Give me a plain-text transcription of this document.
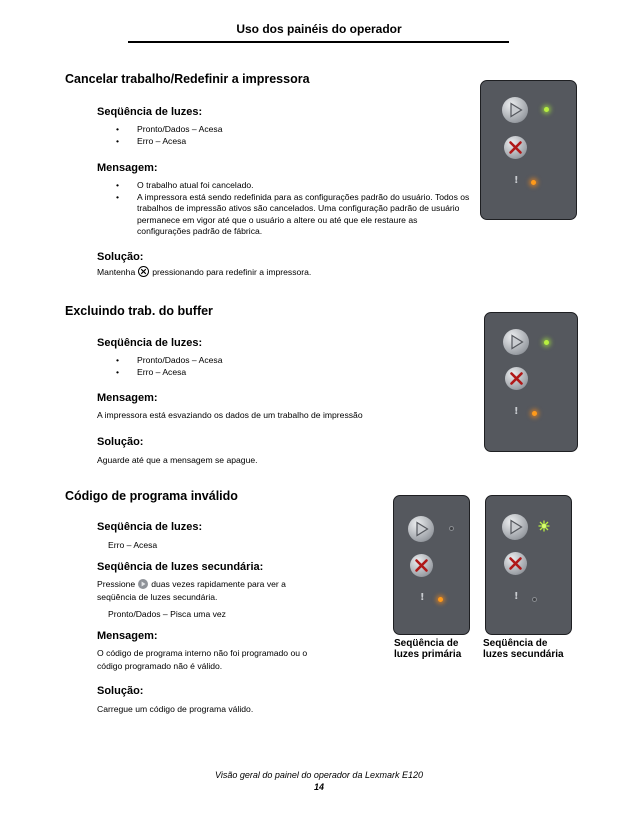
Uso dos painéis do operador
Cancelar trabalho/Redefinir a impressora
Seqüência de luzes:
• Pronto/Dados – Acesa
• Erro – Acesa
Mensagem:
• O trabalho atual foi cancelado.
• A impressora está sendo redefinida para as configurações padrão do usuário. Todos os trabalhos de impressão ativos são cancelados. Uma configuração padrão de usuário permanece em vigor até que o usuário a altere ou até que ele restaure as configurações padrão de fábrica.
Solução:
Mantenha pressionando para redefinir a impressora.
!
Excluindo trab. do buffer
Seqüência de luzes:
• Pronto/Dados – Acesa
• Erro – Acesa
Mensagem:
A impressora está esvaziando os dados de um trabalho de impressão
Solução:
Aguarde até que a mensagem se apague.
!
Código de programa inválido
Seqüência de luzes:
Erro – Acesa
Seqüência de luzes secundária:
Pressione duas vezes rapidamente para ver a
seqüência de luzes secundária.
Pronto/Dados – Pisca uma vez
Mensagem:
O código de programa interno não foi programado ou o
código programado não é válido.
Solução:
Carregue um código de programa válido.
!	!
Seqüência de
luzes primária
Seqüência de
luzes secundária
Visão geral do painel do operador da Lexmark E120
14
